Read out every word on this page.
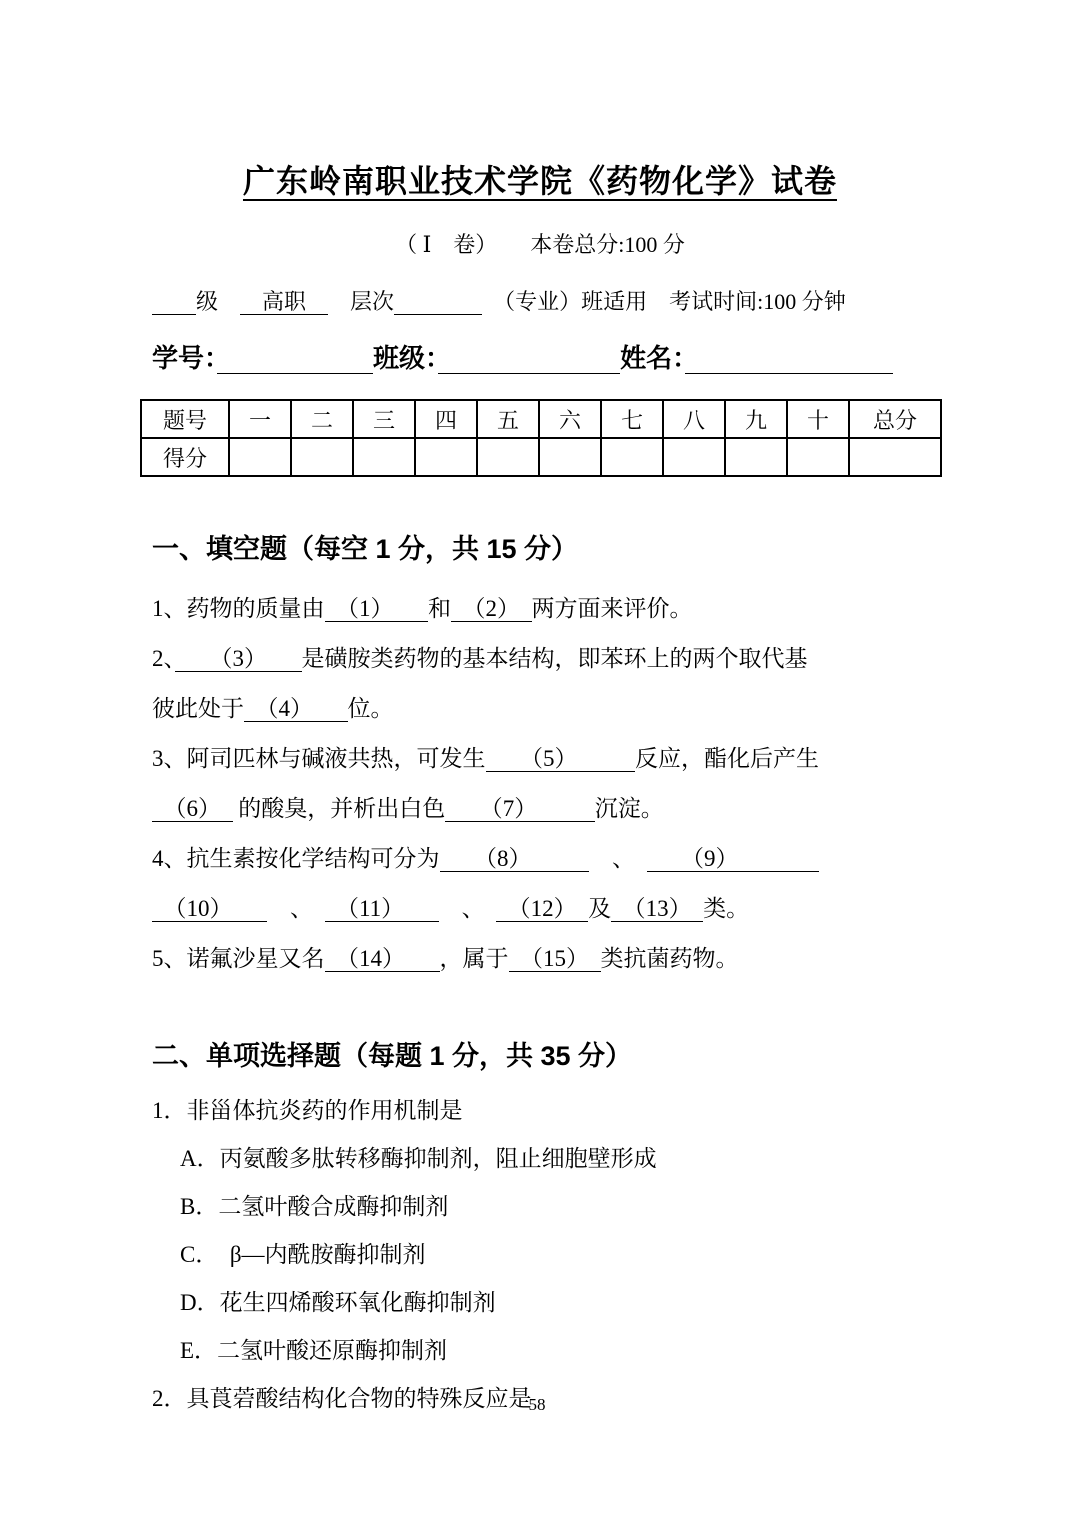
广东岭南职业技术学院《药物化学》试卷
（ Ⅰ　卷）　　本卷总分:100 分
　　级　　高职　　层次　　　　	　（专业）班适用　考试时间:100 分钟
学号：　　　　　　	班级：　　　　　　　	姓名：　　　　　　　　
题号	一	二	三	四	五	六	七	八	九	十	总分
得分											
一、填空题（每空 1 分，共 15 分）
1、药物的质量由　（1）　　和　（2）　两方面来评价。
2、　　（3）　　是磺胺类药物的基本结构，即苯环上的两个取代基
彼此处于　（4）　　位。
3、阿司匹林与碱液共热，可发生　　（5）　　　反应，酯化后产生
　（6）　 的酸臭，并析出白色　　（7）　　　沉淀。
4、抗生素按化学结构可分为　　（8）　　　　、　　　（9）　　　　
　（10）　　　、　　（11）　　　、　　（12）　及　（13）　类。
5、诺氟沙星又名　（14）　　，属于　（15）　类抗菌药物。
二、单项选择题（每题 1 分，共 35 分）
1．非甾体抗炎药的作用机制是
A．丙氨酸多肽转移酶抑制剂，阻止细胞壁形成
B．二氢叶酸合成酶抑制剂
C．　β—内酰胺酶抑制剂
D．花生四烯酸环氧化酶抑制剂
E．二氢叶酸还原酶抑制剂
2．具莨菪酸结构化合物的特殊反应是
58
